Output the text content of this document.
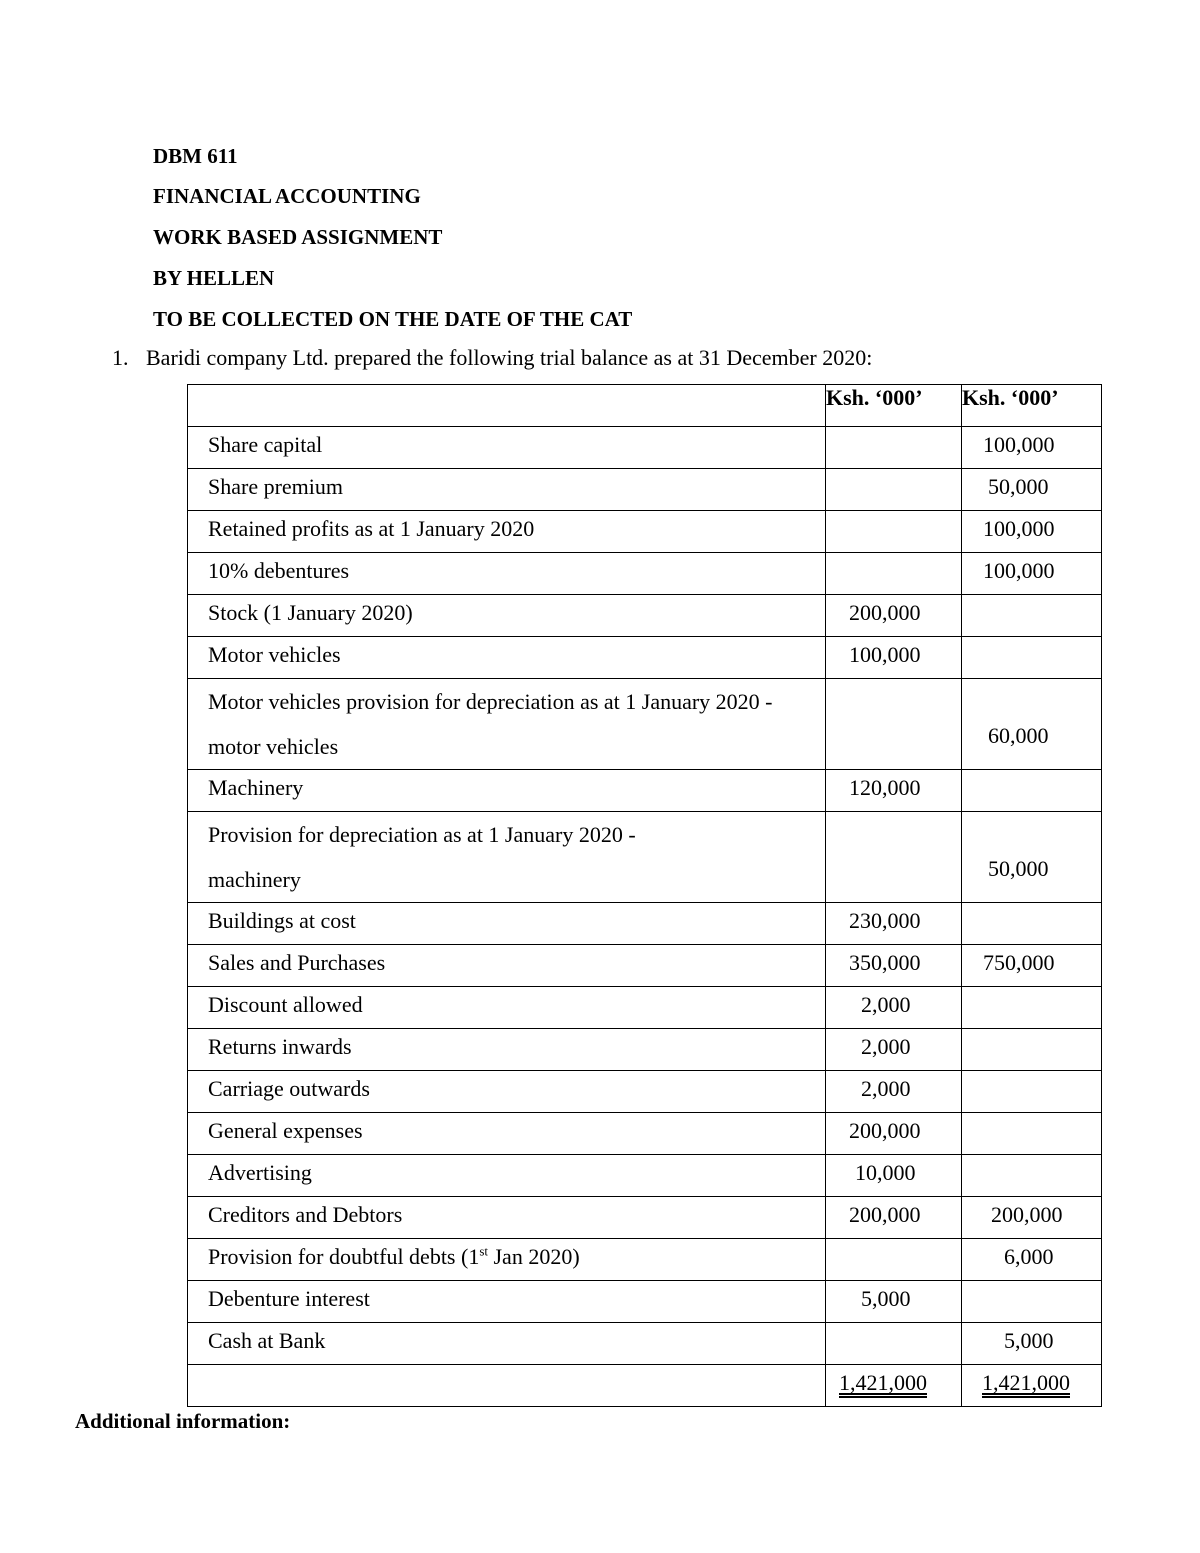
DBM 611
FINANCIAL ACCOUNTING
WORK BASED ASSIGNMENT
BY HELLEN
TO BE COLLECTED ON THE DATE OF THE CAT
1. Baridi company Ltd. prepared the following trial balance as at 31 December 2020:
	Ksh. ‘000’	Ksh. ‘000’

Share capital		100,000

Share premium		50,000

Retained profits as at 1 January 2020		100,000

10% debentures		100,000

Stock (1 January 2020)	200,000	

Motor vehicles	100,000	

Motor vehicles provision for depreciation as at 1 January 2020 -
motor vehicles		60,000

Machinery	120,000	

Provision for depreciation as at 1 January 2020 -
machinery		50,000

Buildings at cost	230,000	

Sales and Purchases	350,000	750,000

Discount allowed	2,000	

Returns inwards	2,000	

Carriage outwards	2,000	

General expenses	200,000	

Advertising	10,000	

Creditors and Debtors	200,000	200,000

Provision for doubtful debts (1st Jan 2020)		6,000

Debenture interest	5,000	

Cash at Bank		5,000

	1,421,000	1,421,000
Additional information:
